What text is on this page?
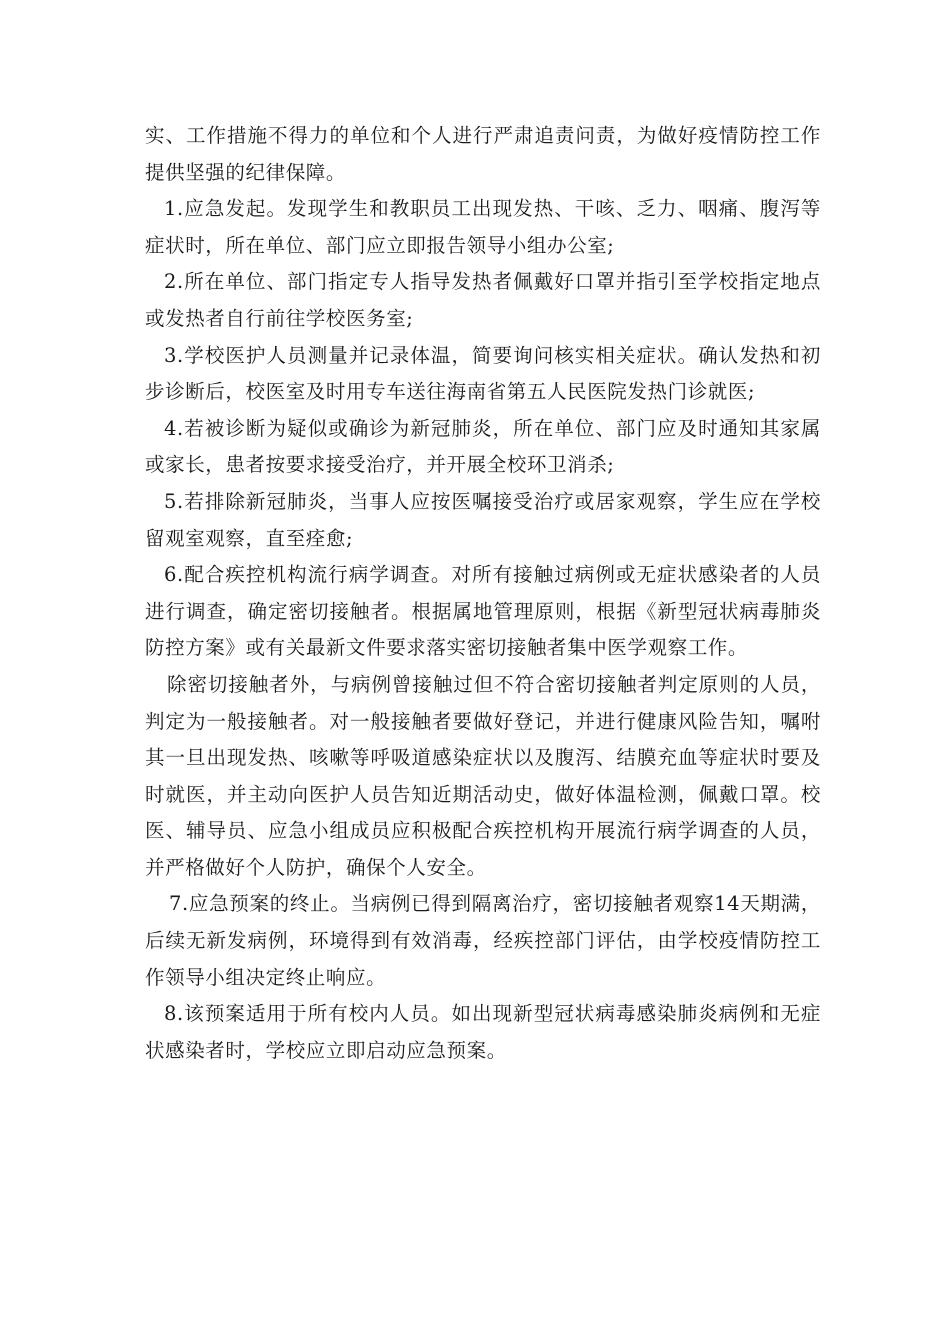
实、工作措施不得力的单位和个人进行严肃追责问责，为做好疫情防控工作提供坚强的纪律保障。

1.应急发起。发现学生和教职员工出现发热、干咳、乏力、咽痛、腹泻等症状时，所在单位、部门应立即报告领导小组办公室;

2.所在单位、部门指定专人指导发热者佩戴好口罩并指引至学校指定地点或发热者自行前往学校医务室;

3.学校医护人员测量并记录体温，简要询问核实相关症状。确认发热和初步诊断后，校医室及时用专车送往海南省第五人民医院发热门诊就医;

4.若被诊断为疑似或确诊为新冠肺炎，所在单位、部门应及时通知其家属或家长，患者按要求接受治疗，并开展全校环卫消杀;

5.若排除新冠肺炎，当事人应按医嘱接受治疗或居家观察，学生应在学校留观室观察，直至痊愈;

6.配合疾控机构流行病学调查。对所有接触过病例或无症状感染者的人员进行调查，确定密切接触者。根据属地管理原则，根据《新型冠状病毒肺炎防控方案》或有关最新文件要求落实密切接触者集中医学观察工作。

除密切接触者外，与病例曾接触过但不符合密切接触者判定原则的人员，判定为一般接触者。对一般接触者要做好登记，并进行健康风险告知，嘱咐其一旦出现发热、咳嗽等呼吸道感染症状以及腹泻、结膜充血等症状时要及时就医，并主动向医护人员告知近期活动史，做好体温检测，佩戴口罩。校医、辅导员、应急小组成员应积极配合疾控机构开展流行病学调查的人员，并严格做好个人防护，确保个人安全。

7.应急预案的终止。当病例已得到隔离治疗，密切接触者观察14天期满，后续无新发病例，环境得到有效消毒，经疾控部门评估，由学校疫情防控工作领导小组决定终止响应。

8.该预案适用于所有校内人员。如出现新型冠状病毒感染肺炎病例和无症状感染者时，学校应立即启动应急预案。
